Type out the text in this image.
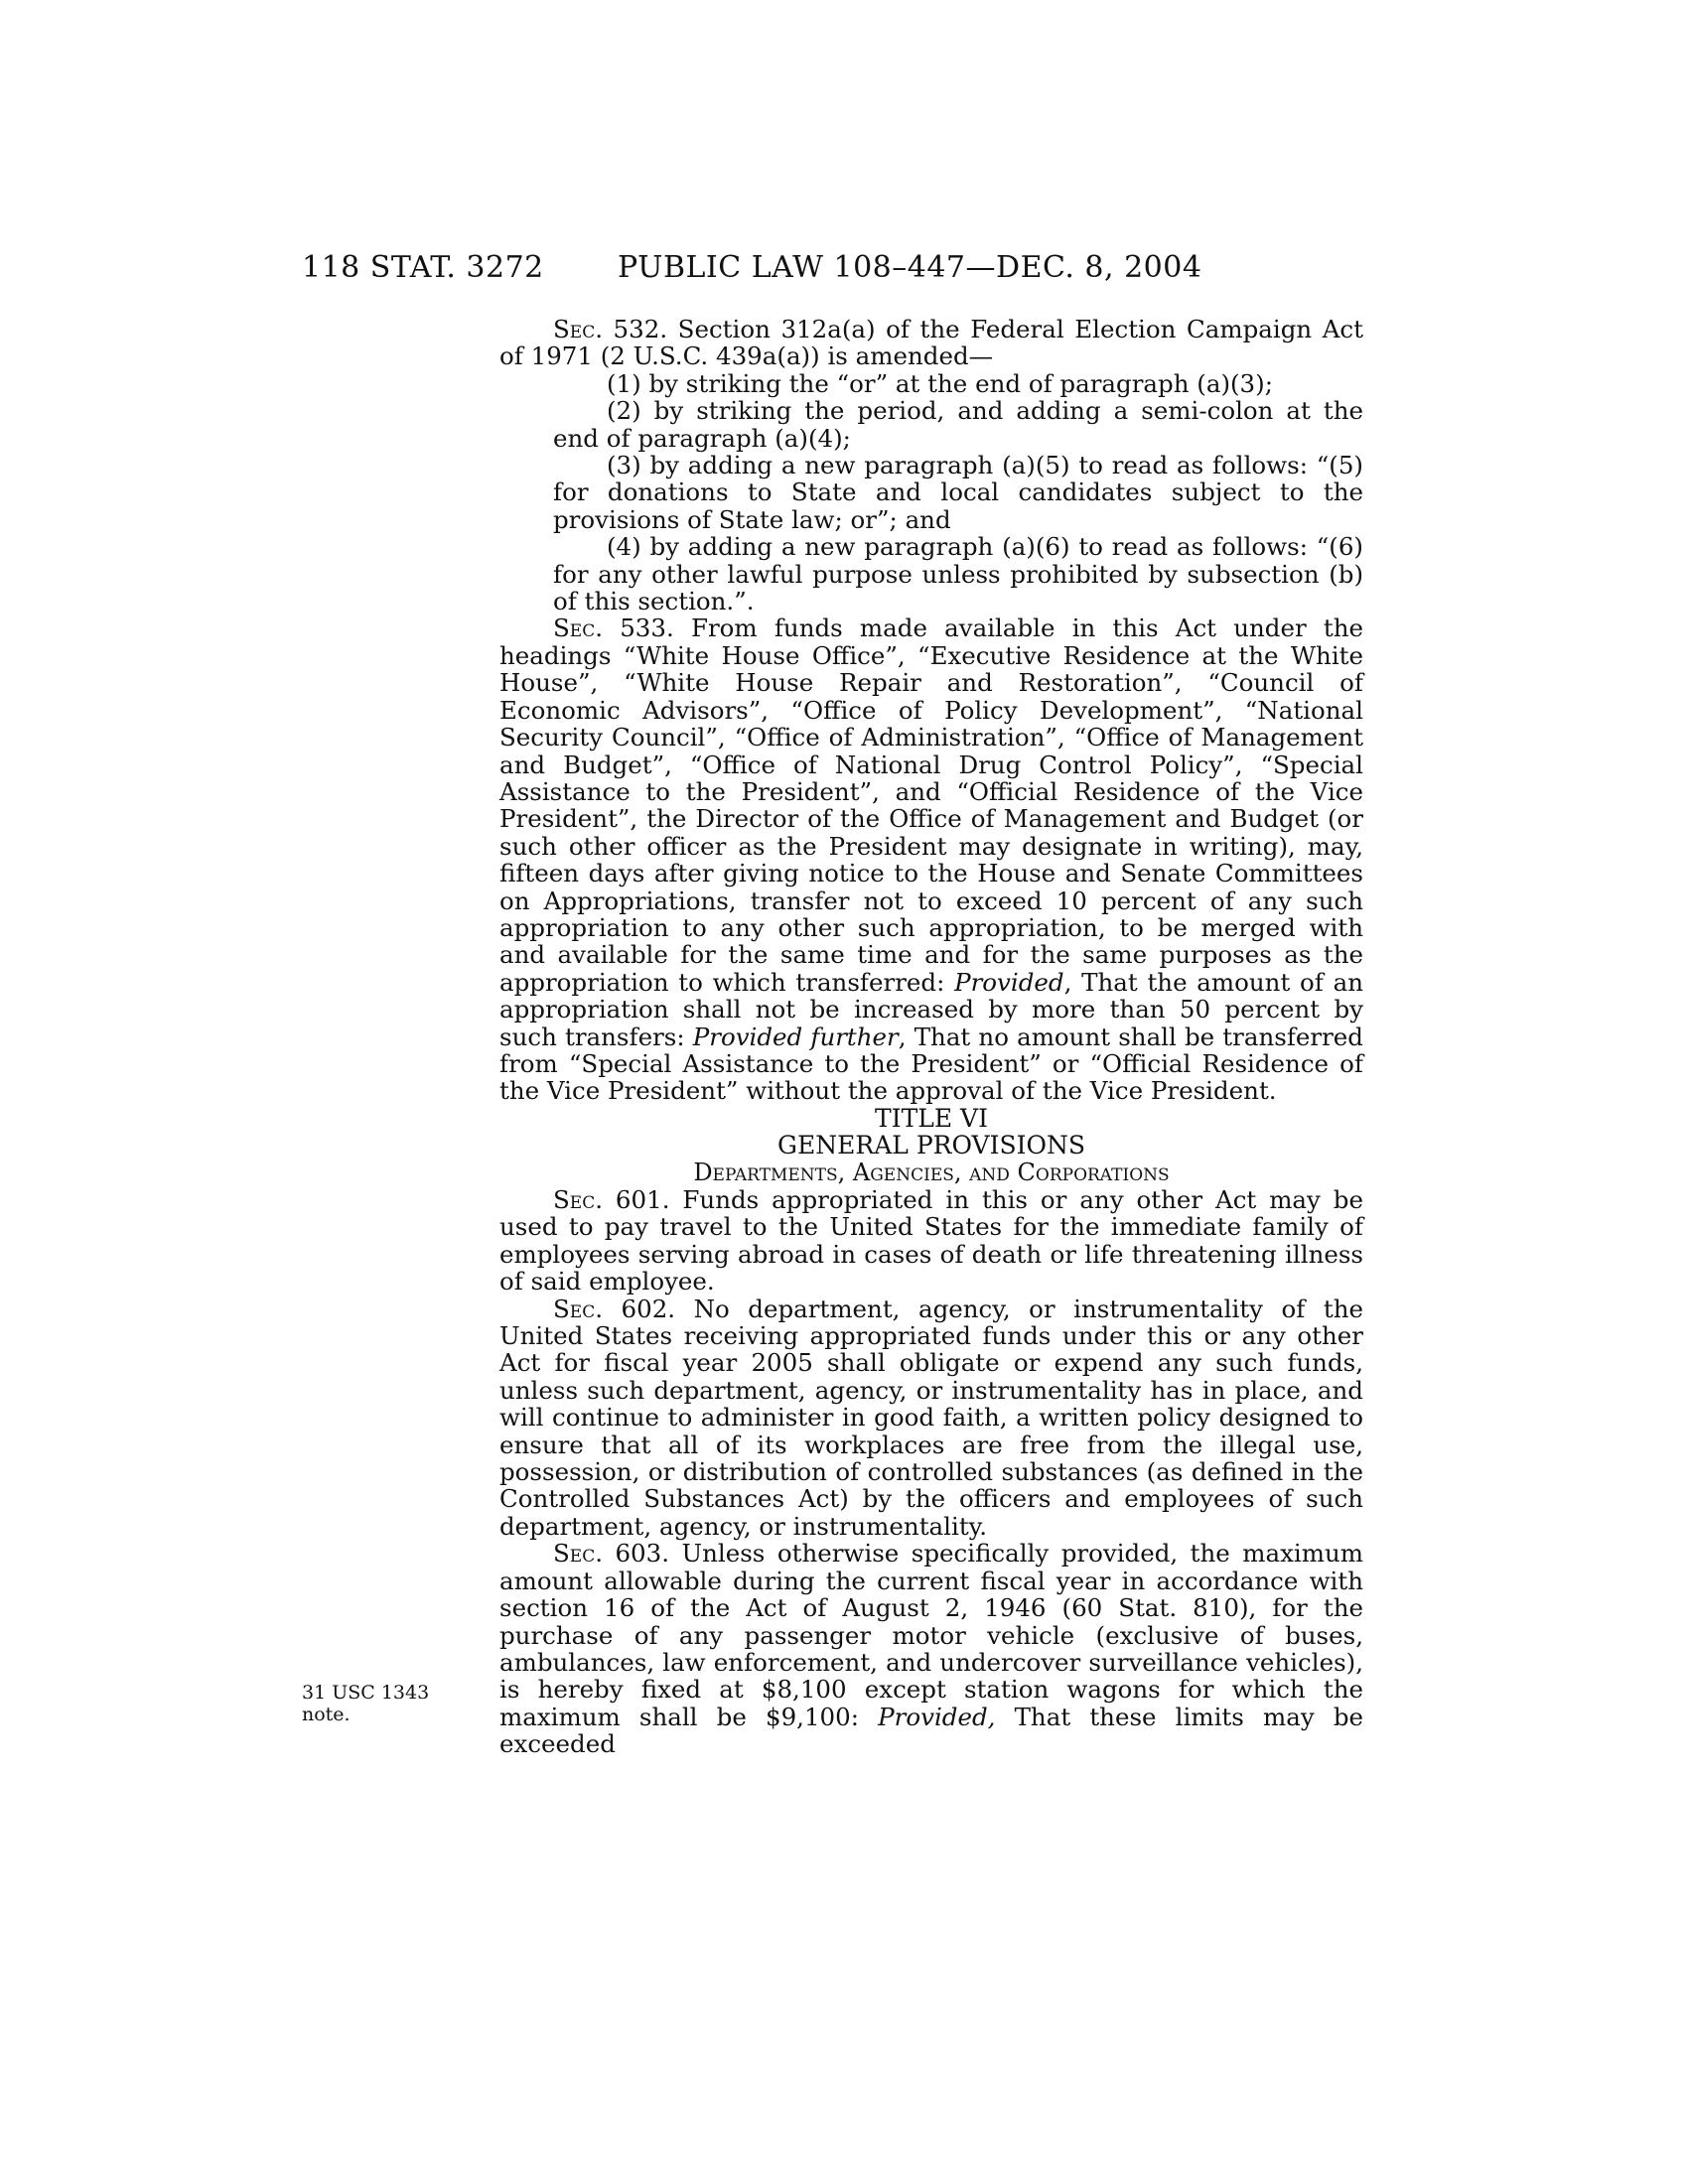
118 STAT. 3272 PUBLIC LAW 108–447—DEC. 8, 2004
31 USC 1343
note.

Sec. 532. Section 312a(a) of the Federal Election Campaign Act of 1971 (2 U.S.C. 439a(a)) is amended—

(1) by striking the “or” at the end of paragraph (a)(3);

(2) by striking the period, and adding a semi-colon at the end of paragraph (a)(4);

(3) by adding a new paragraph (a)(5) to read as follows: “(5) for donations to State and local candidates subject to the provisions of State law; or”; and

(4) by adding a new paragraph (a)(6) to read as follows: “(6) for any other lawful purpose unless prohibited by subsection (b) of this section.”.

Sec. 533. From funds made available in this Act under the headings “White House Office”, “Executive Residence at the White House”, “White House Repair and Restoration”, “Council of Economic Advisors”, “Office of Policy Development”, “National Security Council”, “Office of Administration”, “Office of Management and Budget”, “Office of National Drug Control Policy”, “Special Assistance to the President”, and “Official Residence of the Vice President”, the Director of the Office of Management and Budget (or such other officer as the President may designate in writing), may, fifteen days after giving notice to the House and Senate Committees on Appropriations, transfer not to exceed 10 percent of any such appropriation to any other such appropriation, to be merged with and available for the same time and for the same purposes as the appropriation to which transferred: Provided, That the amount of an appropriation shall not be increased by more than 50 percent by such transfers: Provided further, That no amount shall be transferred from “Special Assistance to the President” or “Official Residence of the Vice President” without the approval of the Vice President.

TITLE VI

GENERAL PROVISIONS

Departments, Agencies, and Corporations

Sec. 601. Funds appropriated in this or any other Act may be used to pay travel to the United States for the immediate family of employees serving abroad in cases of death or life threatening illness of said employee.

Sec. 602. No department, agency, or instrumentality of the United States receiving appropriated funds under this or any other Act for fiscal year 2005 shall obligate or expend any such funds, unless such department, agency, or instrumentality has in place, and will continue to administer in good faith, a written policy designed to ensure that all of its workplaces are free from the illegal use, possession, or distribution of controlled substances (as defined in the Controlled Substances Act) by the officers and employees of such department, agency, or instrumentality.

Sec. 603. Unless otherwise specifically provided, the maximum amount allowable during the current fiscal year in accordance with section 16 of the Act of August 2, 1946 (60 Stat. 810), for the purchase of any passenger motor vehicle (exclusive of buses, ambulances, law enforcement, and undercover surveillance vehicles), is hereby fixed at $8,100 except station wagons for which the maximum shall be $9,100: Provided, That these limits may be exceeded
